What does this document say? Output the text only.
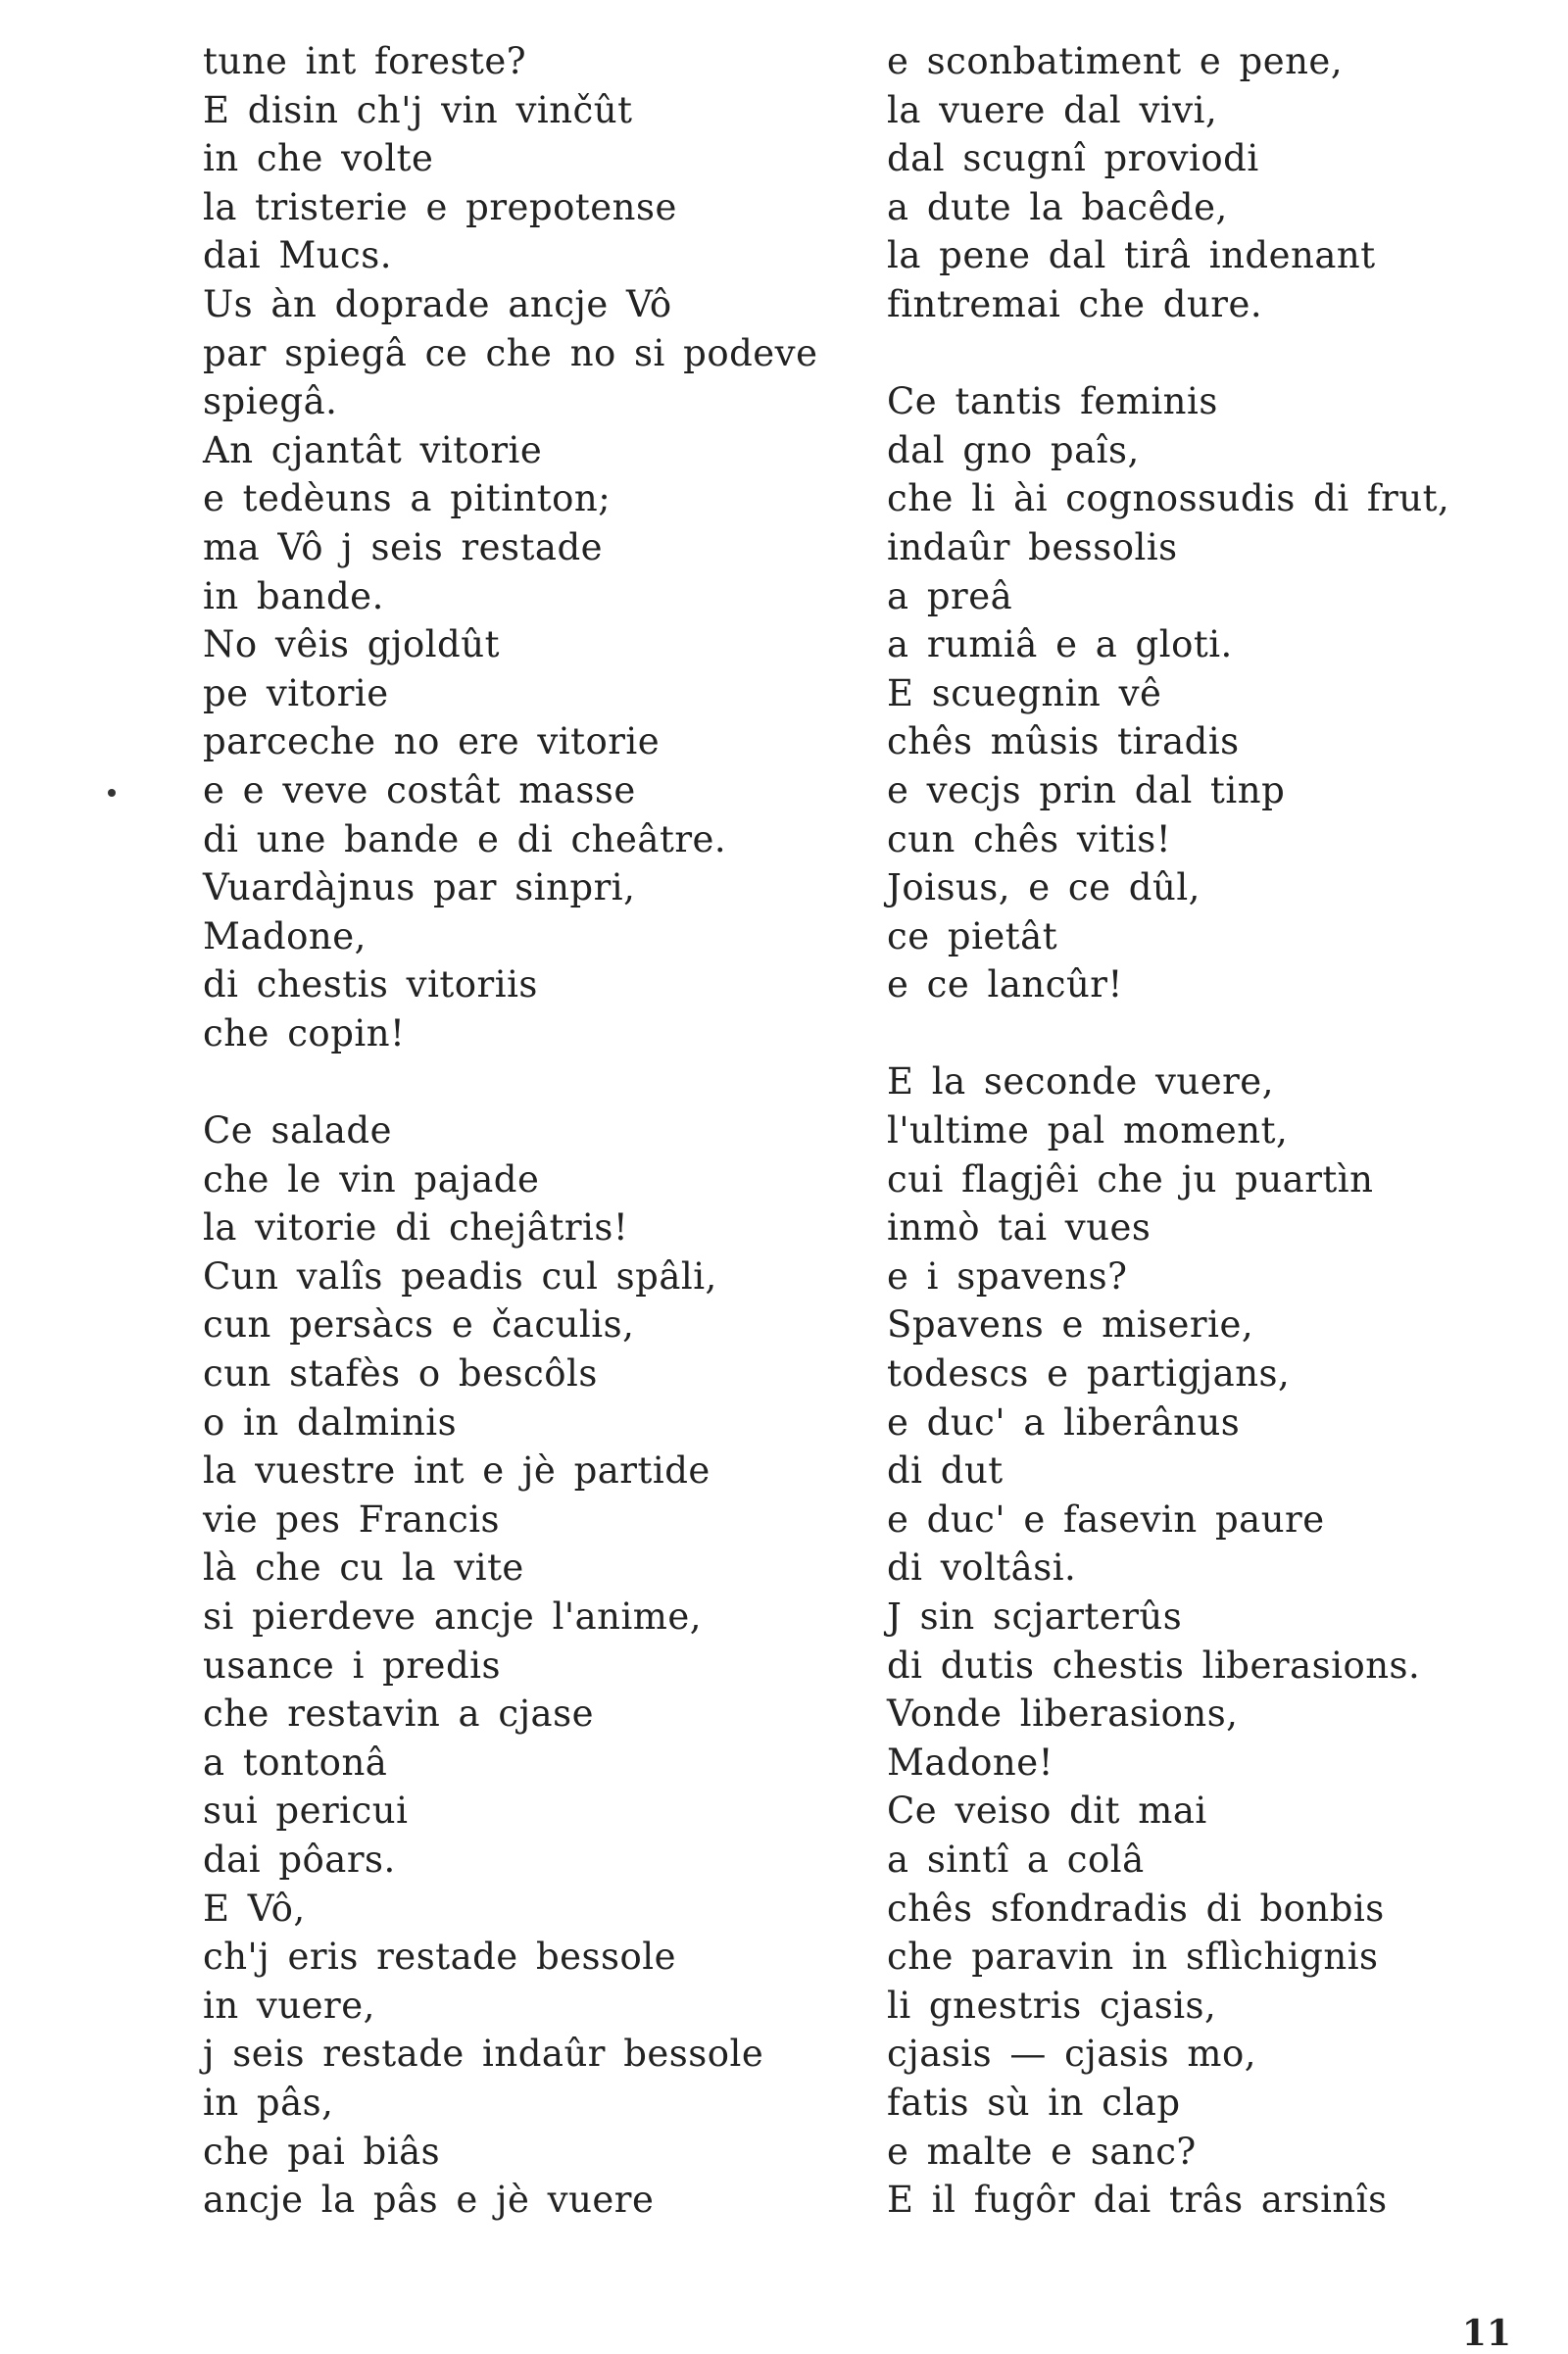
tune int foreste?
E disin ch'j vin vinčût
in che volte
la tristerie e prepotense
dai Mucs.
Us àn doprade ancje Vô
par spiegâ ce che no si podeve
spiegâ.
An cjantât vitorie
e tedèuns a pitinton;
ma Vô j seis restade
in bande.
No vêis gjoldût
pe vitorie
parceche no ere vitorie
e e veve costât masse
di une bande e di cheâtre.
Vuardàjnus par sinpri,
Madone,
di chestis vitoriis
che copin!
Ce salade
che le vin pajade
la vitorie di chejâtris!
Cun valîs peadis cul spâli,
cun persàcs e čaculis,
cun stafès o bescôls
o in dalminis
la vuestre int e jè partide
vie pes Francis
là che cu la vite
si pierdeve ancje l'anime,
usance i predis
che restavin a cjase
a tontonâ
sui pericui
dai pôars.
E Vô,
ch'j eris restade bessole
in vuere,
j seis restade indaûr bessole
in pâs,
che pai biâs
ancje la pâs e jè vuere
e sconbatiment e pene,
la vuere dal vivi,
dal scugnî proviodi
a dute la bacêde,
la pene dal tirâ indenant
fintremai che dure.
Ce tantis feminis
dal gno paîs,
che li ài cognossudis di frut,
indaûr bessolis
a preâ
a rumiâ e a gloti.
E scuegnin vê
chês mûsis tiradis
e vecjs prin dal tinp
cun chês vitis!
Joisus, e ce dûl,
ce pietât
e ce lancûr!
E la seconde vuere,
l'ultime pal moment,
cui flagjêi che ju puartìn
inmò tai vues
e i spavens?
Spavens e miserie,
todescs e partigjans,
e duc' a liberânus
di dut
e duc' e fasevin paure
di voltâsi.
J sin scjarterûs
di dutis chestis liberasions.
Vonde liberasions,
Madone!
Ce veiso dit mai
a sintî a colâ
chês sfondradis di bonbis
che paravin in sflìchignis
li gnestris cjasis,
cjasis — cjasis mo,
fatis sù in clap
e malte e sanc?
E il fugôr dai trâs arsinîs
11
